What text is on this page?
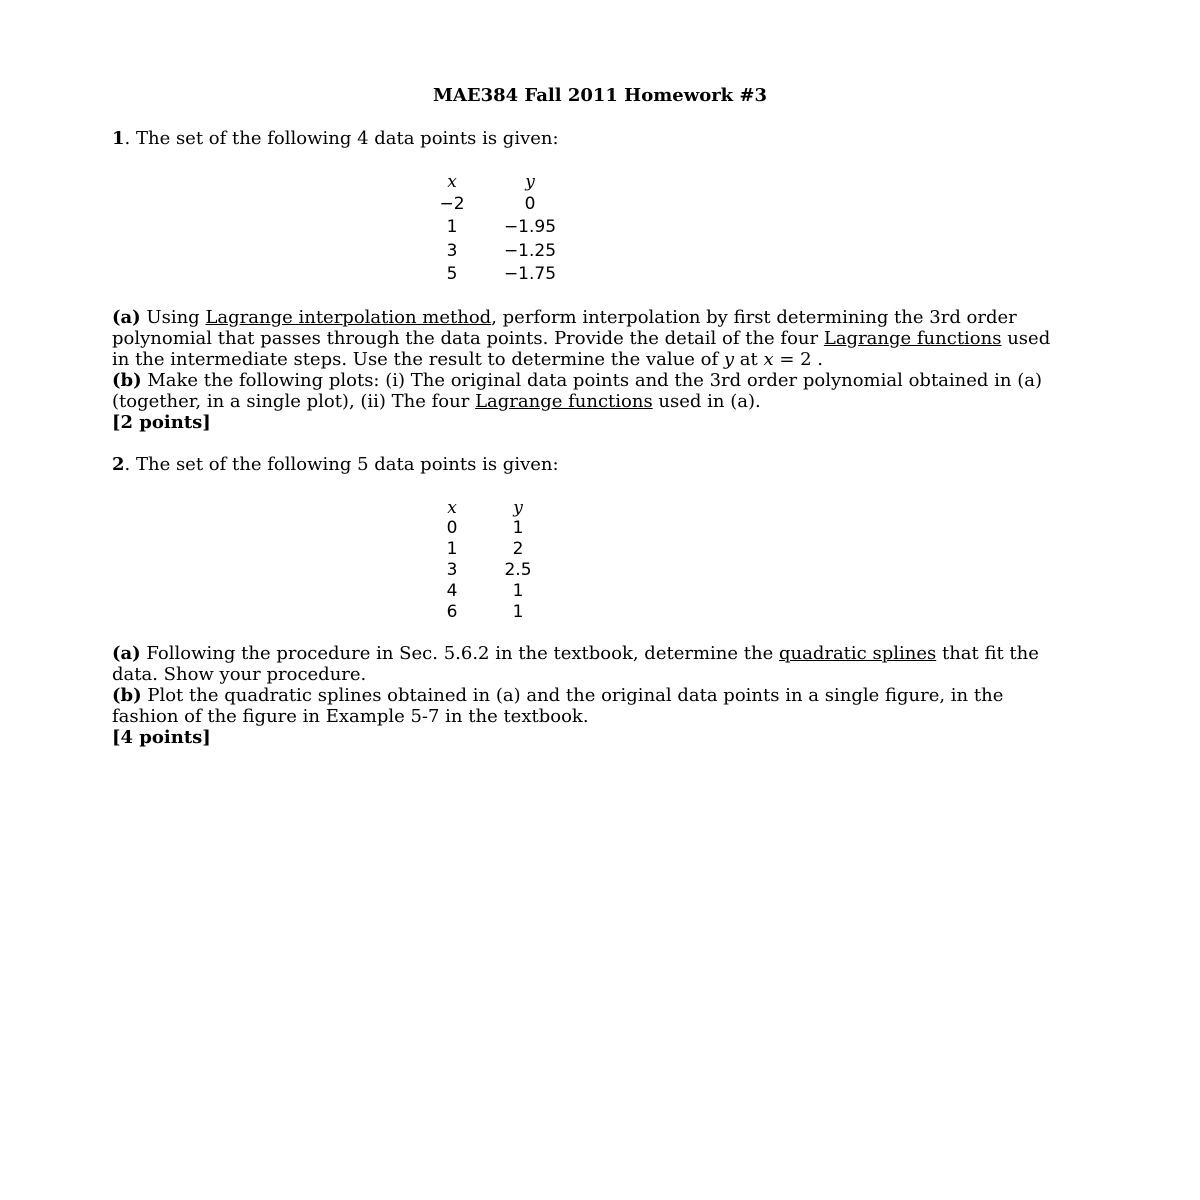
MAE384 Fall 2011 Homework #3
1. The set of the following 4 data points is given:
x	y
−2	0
1	−1.95
3	−1.25
5	−1.75
(a) Using Lagrange interpolation method, perform interpolation by first determining the 3rd order
polynomial that passes through the data points. Provide the detail of the four Lagrange functions used
in the intermediate steps. Use the result to determine the value of y at x = 2 .
(b) Make the following plots: (i) The original data points and the 3rd order polynomial obtained in (a)
(together, in a single plot), (ii) The four Lagrange functions used in (a).
[2 points]
2. The set of the following 5 data points is given:
x	y
0	1
1	2
3	2.5
4	1
6	1
(a) Following the procedure in Sec. 5.6.2 in the textbook, determine the quadratic splines that fit the
data. Show your procedure.
(b) Plot the quadratic splines obtained in (a) and the original data points in a single figure, in the
fashion of the figure in Example 5-7 in the textbook.
[4 points]
